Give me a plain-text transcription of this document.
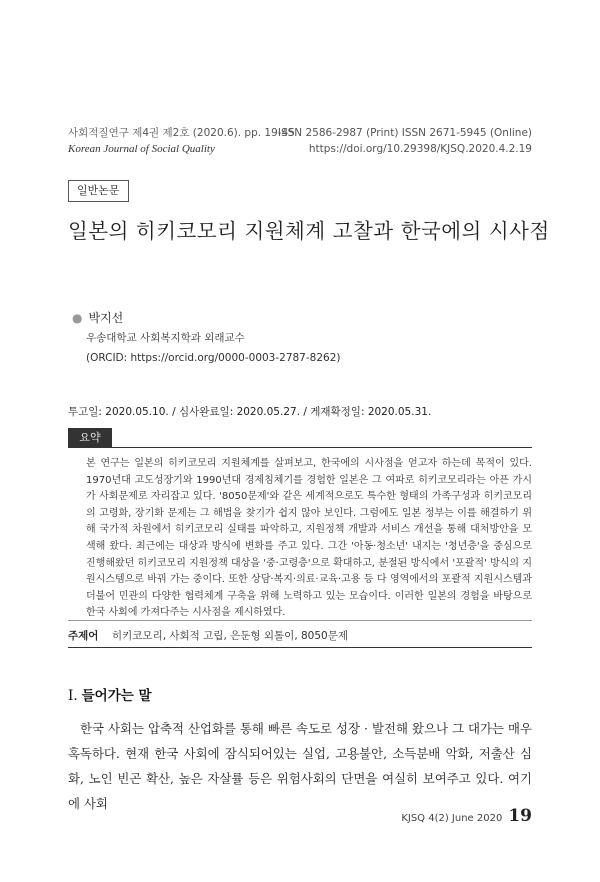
사회적질연구 제4권 제2호 (2020.6). pp. 19-45
Korean Journal of Social Quality
ISSN 2586-2987 (Print) ISSN 2671-5945 (Online)
https://doi.org/10.29398/KJSQ.2020.4.2.19
일반논문
일본의 히키코모리 지원체계 고찰과 한국에의 시사점
● 박지선
우송대학교 사회복지학과 외래교수
(ORCID: https://orcid.org/0000-0003-2787-8262)
투고일: 2020.05.10. / 심사완료일: 2020.05.27. / 게재확정일: 2020.05.31.
요약
본 연구는 일본의 히키코모리 지원체계를 살펴보고, 한국에의 시사점을 얻고자 하는데 목적이 있다. 1970년대 고도성장기와 1990년대 경제침체기를 경험한 일본은 그 여파로 히키코모리라는 아픈 가시가 사회문제로 자리잡고 있다. '8050문제'와 같은 세계적으로도 특수한 형태의 가족구성과 히키코모리의 고령화, 장기화 문제는 그 해법을 찾기가 쉽지 않아 보인다. 그럼에도 일본 정부는 이를 해결하기 위해 국가적 차원에서 히키코모리 실태를 파악하고, 지원정책 개발과 서비스 개선을 통해 대처방안을 모색해 왔다. 최근에는 대상과 방식에 변화를 주고 있다. 그간 '아동·청소년' 내지는 '청년층'을 중심으로 진행해왔던 히키코모리 지원정책 대상을 '중·고령층'으로 확대하고, 분절된 방식에서 '포괄적' 방식의 지원시스템으로 바꿔 가는 중이다. 또한 상담·복지·의료·교육·고용 등 다 영역에서의 포괄적 지원시스템과 더불어 민관의 다양한 협력체계 구축을 위해 노력하고 있는 모습이다. 이러한 일본의 경험을 바탕으로 한국 사회에 가져다주는 시사점을 제시하였다.
주제어 히키코모리, 사회적 고립, 은둔형 외톨이, 8050문제
Ⅰ. 들어가는 말
한국 사회는 압축적 산업화를 통해 빠른 속도로 성장 · 발전해 왔으나 그 대가는 매우 혹독하다. 현재 한국 사회에 잠식되어있는 실업, 고용불안, 소득분배 악화, 저출산 심화, 노인 빈곤 확산, 높은 자살률 등은 위험사회의 단면을 여실히 보여주고 있다. 여기에 사회
KJSQ 4(2) June 2020 19
